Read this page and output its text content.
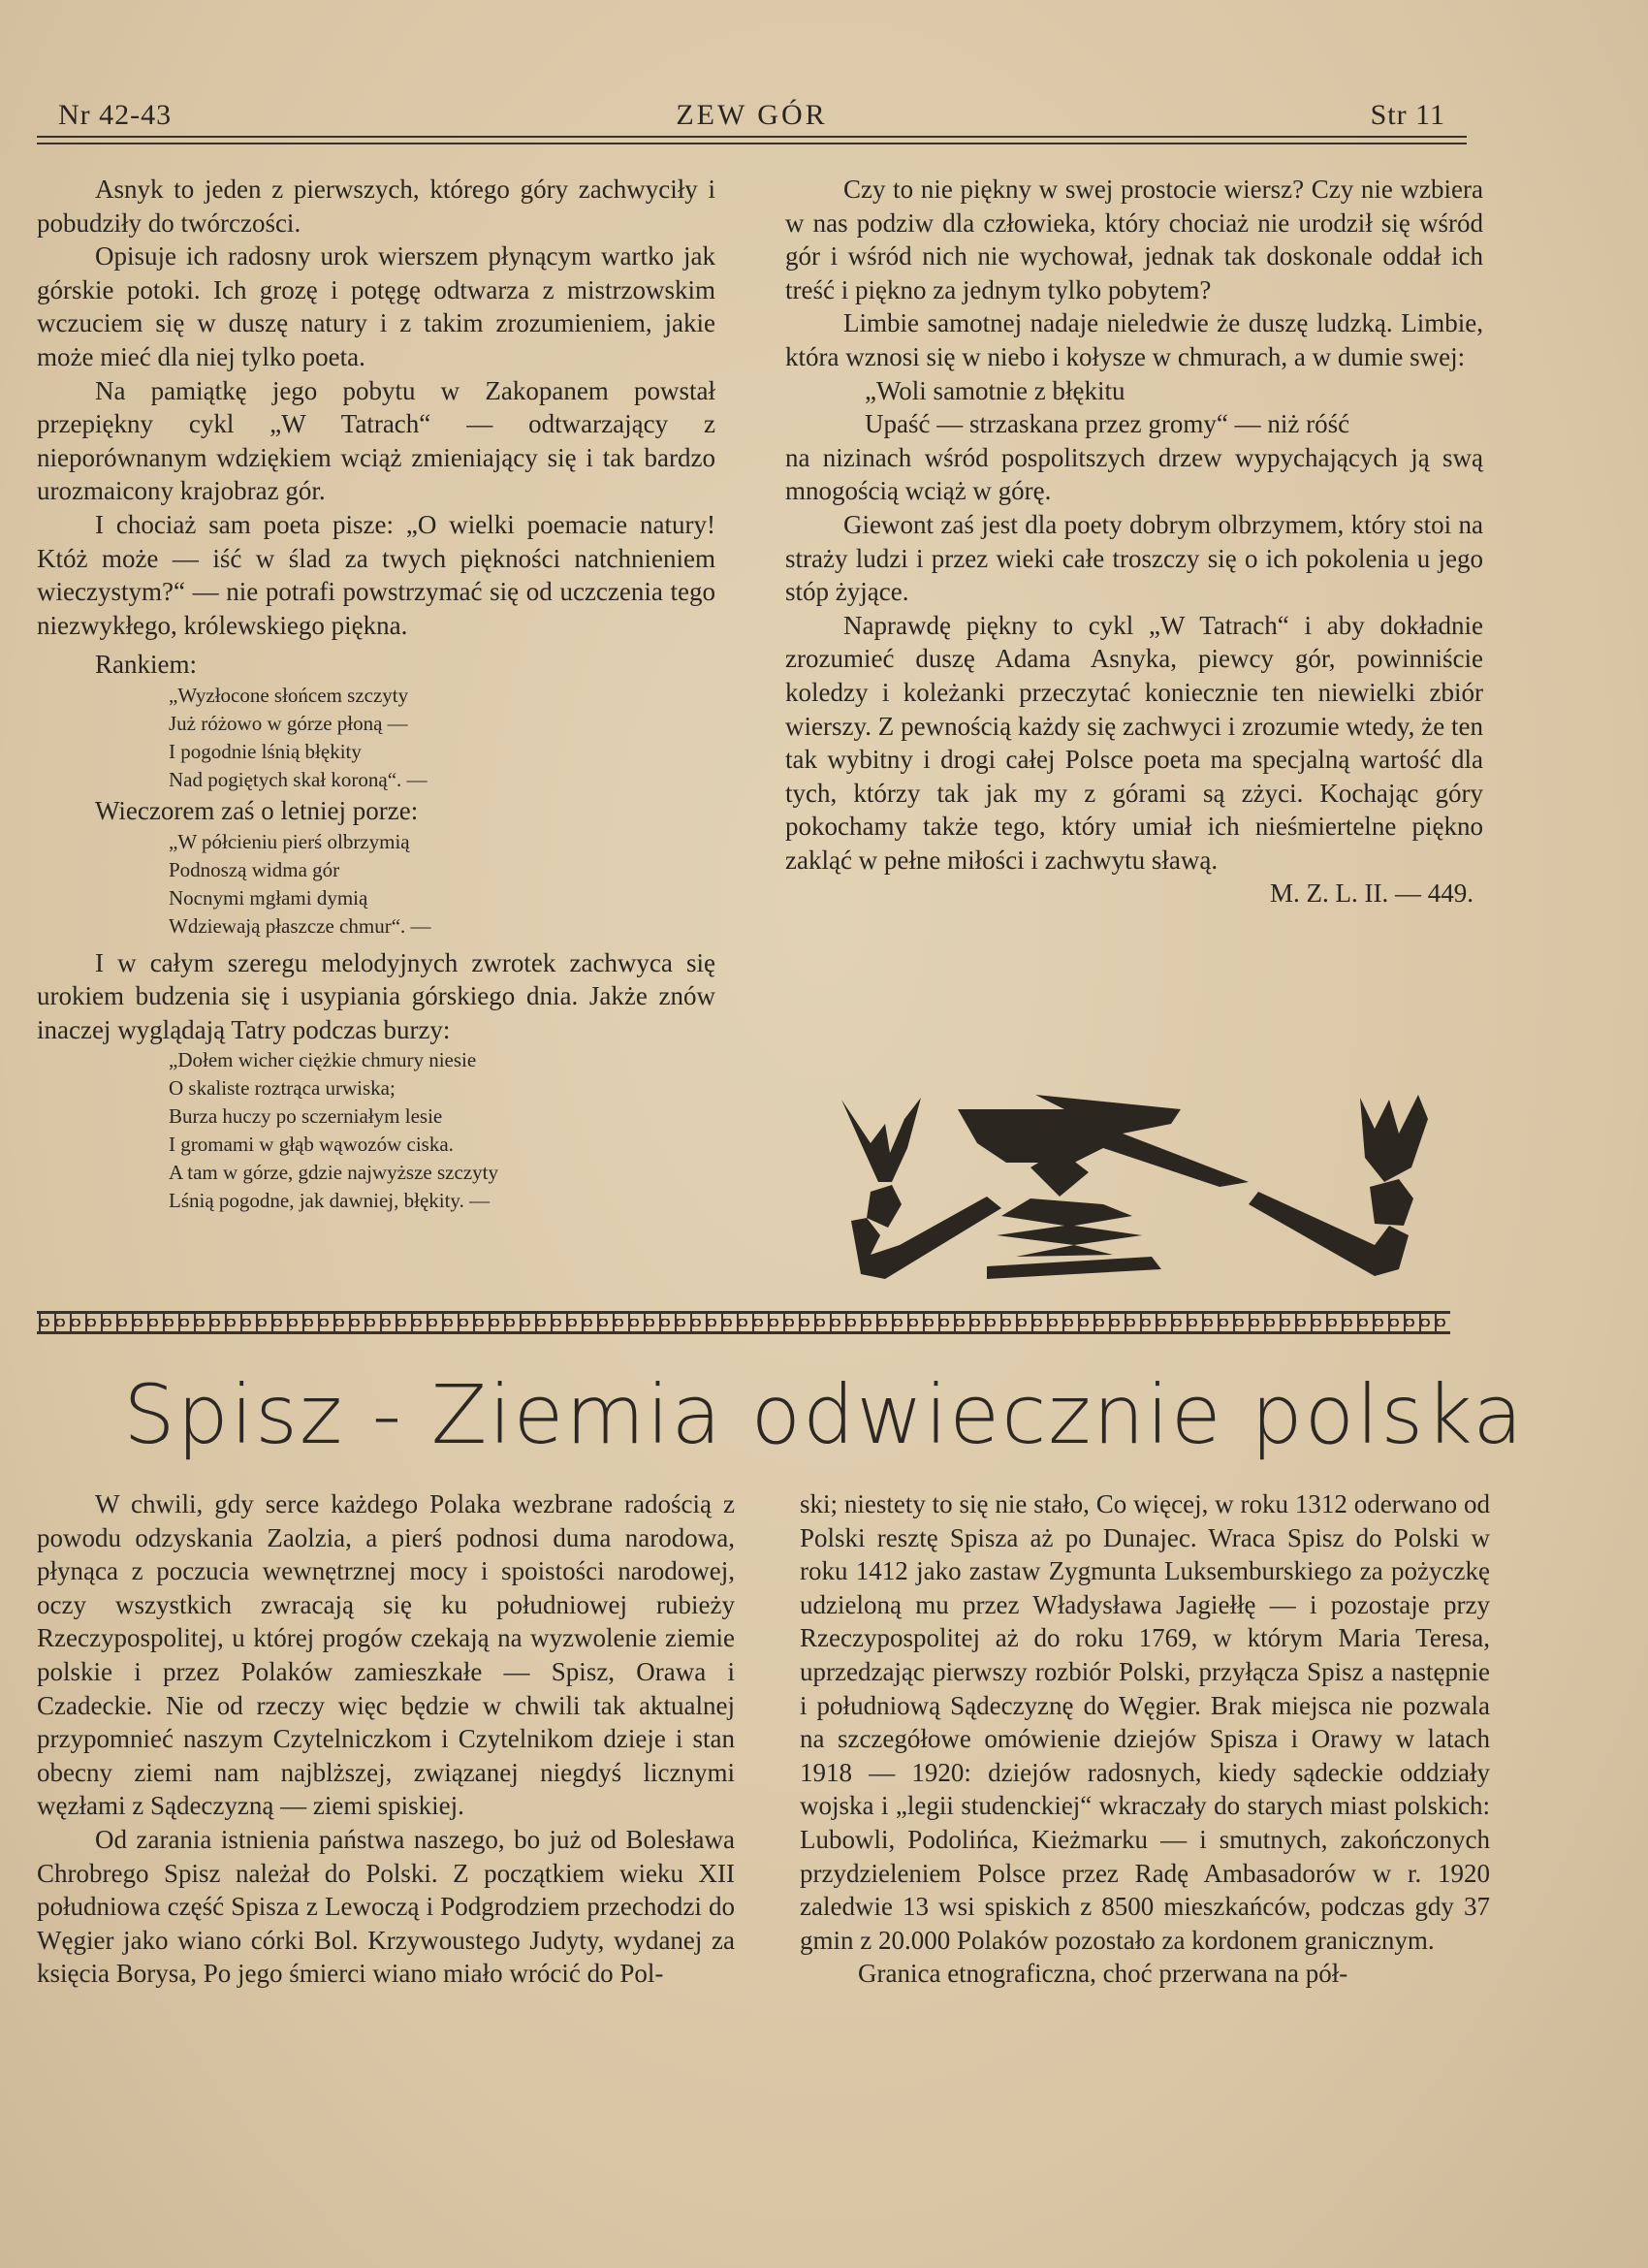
Nr 42-43	ZEW GÓR	Str 11

Asnyk to jeden z pierwszych, którego góry zachwyciły i pobudziły do twórczości.

Opisuje ich radosny urok wierszem płynącym wartko jak górskie potoki. Ich grozę i potęgę odtwarza z mistrzowskim wczuciem się w duszę natury i z takim zrozumieniem, jakie może mieć dla niej tylko poeta.

Na pamiątkę jego pobytu w Zakopanem powstał przepiękny cykl „W Tatrach“ — odtwarzający z nieporównanym wdziękiem wciąż zmieniający się i tak bardzo urozmaicony krajobraz gór.

I chociaż sam poeta pisze: „O wielki poemacie natury! Któż może — iść w ślad za twych piękności natchnieniem wieczystym?“ — nie potrafi powstrzymać się od uczczenia tego niezwykłego, królewskiego piękna.

Rankiem:
„Wyzłocone słońcem szczyty
Już różowo w górze płoną —
I pogodnie lśnią błękity
Nad pogiętych skał koroną“. —
Wieczorem zaś o letniej porze:
„W półcieniu pierś olbrzymią
Podnoszą widma gór
Nocnymi mgłami dymią
Wdziewają płaszcze chmur“. —

I w całym szeregu melodyjnych zwrotek zachwyca się urokiem budzenia się i usypiania górskiego dnia. Jakże znów inaczej wyglądają Tatry podczas burzy:

„Dołem wicher ciężkie chmury niesie
O skaliste roztrąca urwiska;
Burza huczy po sczerniałym lesie
I gromami w głąb wąwozów ciska.
A tam w górze, gdzie najwyższe szczyty
Lśnią pogodne, jak dawniej, błękity. —

Czy to nie piękny w swej prostocie wiersz? Czy nie wzbiera w nas podziw dla człowieka, który chociaż nie urodził się wśród gór i wśród nich nie wychował, jednak tak doskonale oddał ich treść i piękno za jednym tylko pobytem?

Limbie samotnej nadaje nieledwie że duszę ludzką. Limbie, która wznosi się w niebo i kołysze w chmurach, a w dumie swej:

„Woli samotnie z błękitu
Upaść — strzaskana przez gromy“ — niż róść

na nizinach wśród pospolitszych drzew wypychających ją swą mnogością wciąż w górę.

Giewont zaś jest dla poety dobrym olbrzymem, który stoi na straży ludzi i przez wieki całe troszczy się o ich pokolenia u jego stóp żyjące.

Naprawdę piękny to cykl „W Tatrach“ i aby dokładnie zrozumieć duszę Adama Asnyka, piewcy gór, powinniście koledzy i koleżanki przeczytać koniecznie ten niewielki zbiór wierszy. Z pewnością każdy się zachwyci i zrozumie wtedy, że ten tak wybitny i drogi całej Polsce poeta ma specjalną wartość dla tych, którzy tak jak my z górami są zżyci. Kochając góry pokochamy także tego, który umiał ich nieśmiertelne piękno zakląć w pełne miłości i zachwytu sławą.

M. Z. L. II. — 449.
Spisz - Ziemia odwiecznie polska

W chwili, gdy serce każdego Polaka wezbrane radością z powodu odzyskania Zaolzia, a pierś podnosi duma narodowa, płynąca z poczucia wewnętrznej mocy i spoistości narodowej, oczy wszystkich zwracają się ku południowej rubieży Rzeczypospolitej, u której progów czekają na wyzwolenie ziemie polskie i przez Polaków zamieszkałe — Spisz, Orawa i Czadeckie. Nie od rzeczy więc będzie w chwili tak aktualnej przypomnieć naszym Czytelniczkom i Czytelnikom dzieje i stan obecny ziemi nam najblższej, związanej niegdyś licznymi węzłami z Sądeczyzną — ziemi spiskiej.

Od zarania istnienia państwa naszego, bo już od Bolesława Chrobrego Spisz należał do Polski. Z początkiem wieku XII południowa część Spisza z Lewoczą i Podgrodziem przechodzi do Węgier jako wiano córki Bol. Krzywoustego Judyty, wydanej za księcia Borysa, Po jego śmierci wiano miało wrócić do Pol-

ski; niestety to się nie stało, Co więcej, w roku 1312 oderwano od Polski resztę Spisza aż po Dunajec. Wraca Spisz do Polski w roku 1412 jako zastaw Zygmunta Luksemburskiego za pożyczkę udzieloną mu przez Władysława Jagiełłę — i pozostaje przy Rzeczypospolitej aż do roku 1769, w którym Maria Teresa, uprzedzając pierwszy rozbiór Polski, przyłącza Spisz a następnie i południową Sądeczyznę do Węgier. Brak miejsca nie pozwala na szczegółowe omówienie dziejów Spisza i Orawy w latach 1918 — 1920: dziejów radosnych, kiedy sądeckie oddziały wojska i „legii studenckiej“ wkraczały do starych miast polskich: Lubowli, Podolińca, Kieżmarku — i smutnych, zakończonych przydzieleniem Polsce przez Radę Ambasadorów w r. 1920 zaledwie 13 wsi spiskich z 8500 mieszkańców, podczas gdy 37 gmin z 20.000 Polaków pozostało za kordonem granicznym.

Granica etnograficzna, choć przerwana na pół-
